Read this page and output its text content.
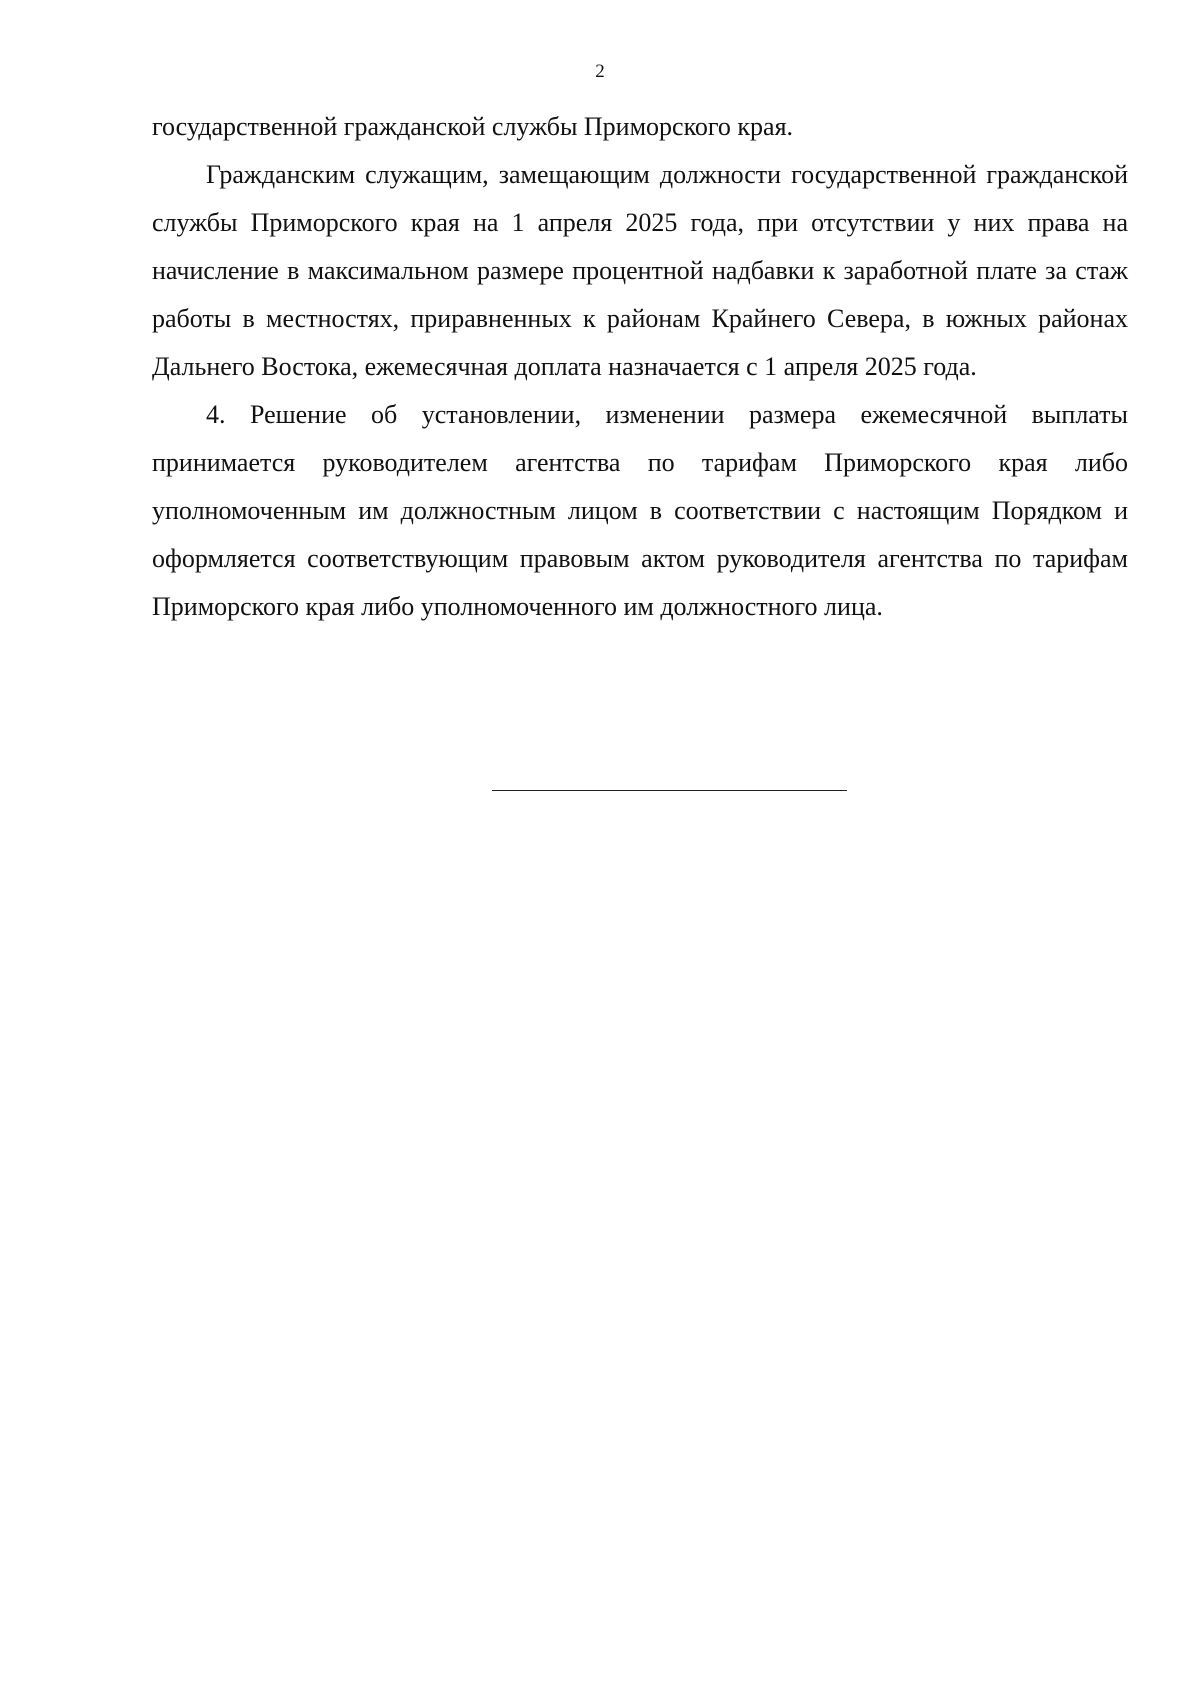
2

государственной гражданской службы Приморского края.

Гражданским служащим, замещающим должности государственной гражданской службы Приморского края на 1 апреля 2025 года, при отсутствии у них права на начисление в максимальном размере процентной надбавки к заработной плате за стаж работы в местностях, приравненных к районам Крайнего Севера, в южных районах Дальнего Востока, ежемесячная доплата назначается с 1 апреля 2025 года.

4. Решение об установлении, изменении размера ежемесячной выплаты принимается руководителем агентства по тарифам Приморского края либо уполномоченным им должностным лицом в соответствии с настоящим Порядком и оформляется соответствующим правовым актом руководителя агентства по тарифам Приморского края либо уполномоченного им должностного лица.
